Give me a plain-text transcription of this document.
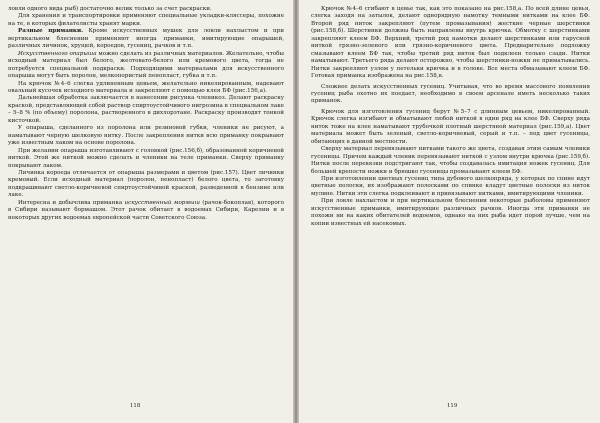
ловли одного вида рыб) достаточно велик только за счет раскраски.

Для хранения и транспортировки применяют специальные укладки-кляссеры, похожие на те, в которых филателисты хранят марки.

Разные приманки. Кроме искусственных мушек для ловли нахлыстом и при вертикальном блеснении применяют иногда приманки, имитирующие опарышей, различных личинок, хрущей, короедов, гусениц, рачков и т.п.

Искусственного опарыша можно сделать из различных материалов. Желательно, чтобы исходный материал был белого, желтовато-белого или кремового цвета, тогда не потребуется специальной подкраски. Подходящими материалами для искусственного опарыша могут быть поролон, мелкопористый пенопласт, губка и т.п.

На крючок №4–6 слегка удлиненным цевьем, желательно никелированным, надевают овальный кусочек исходного материала и закрепляют с помощью клея БФ (рис.156,а).

Дальнейшая обработка заключается в нанесении рисунка членикоз. Делают раскраску краской, представляющей собой раствор спиртоустойчивого нигрозина в специальном лаке – 5–8 % (по объему) поролона, растворенного в дихлорэтане. Раскраску производят тонкой кисточкой.

У опарыша, сделанного из поролона или резиновой губки, членики не рисуют, а наматывают черную шелковую нитку. После закрепления нитки всю приманку покрывают уже известным лаком на основе поролона.

При желании опарыша изготавливают с головкой (рис.156,б), образованной коричневой ниткой. Этой же ниткой можно сделать и членики на теле приманки. Сверху приманку покрывают лаком.

Личинка короеда отличается от опарыша размерами и цветом (рис.157). Цвет личинки кремовый. Если исходный материал (поролон, пенопласт) белого цвета, то заготовку подкрашивают светло-коричневой спиртоустойчивой краской, разведенной в бензине или лаке.

Интересна и добычлива приманка искусственный мормыш (рачок-бокоплав), которого в Сибири называют бормашом. Этот рачок обитает в водоемах Сибири, Карелии и в некоторых других водоемах европейской части Советского Союза.

118

Крючок №4–6 сгибают в цевье так, как это показано на рис.158,а. По всей длине цевья, слегка заходя на затылок, делают однорядную намотку темными нитками на клее БФ. Второй ряд ниток закрепляют (путем промазывания) жесткие черные шерстинки (рис.158,б). Шерстинки должны быть направлены внутрь крючка. Обмотку с шерстинками закрепляют клеем БФ. Верхний, третий ряд намотки делают шерстинками или гарусной ниткой грязно-зеленого или грязно-коричневого цвета. Предварительно подложку смазывают клеем БФ так, чтобы третий ряд ниток был подклеен только сзади. Нитки наматывают. Третьего ряда делают осторожно, чтобы шерстинки-ножки не приматывались. Нитки закрепляют узлом у петельки крючка и в голове. Все места обмазывают клеем БФ. Готовая приманка изображена на рис.158,в.

Сложнее делать искусственных гусениц. Учитывая, что во время массового появления гусениц рыба охотно их поедает, необходимо в своем арсенале иметь несколько таких приманок.

Крючок для изготовления гусениц берут №5–7 с длинным цевьем, никелированный. Крючок слегка изгибают и обматывают любой ниткой в один ряд на клее БФ. Сверху ряда ниток тоже на клее наматывают трубочкой плотный шерстяной материал (рис.159,а). Цвет материала может быть зеленый, светло-коричневый, серый и т.п. – под цвет гусеницы, обитающих в данной местности.

Сверху материал перевязывают нитками такого же цвета, создавая этим самым членики гусеницы. Причем каждый членик перевязывают ниткой с узлом внутри крючка (рис.159,б). Нитки после перевязки подстригают так, чтобы создавалась имитация ножек гусениц. Для большей крепости ножки и брюшко гусеницы промазывают клеем БФ.

При изготовлении цветных гусениц типа дубового шелкопряда, у которых по спине идут цветные полоски, их изображают полосками по спинке кладут цветные полоски из ниток мулине. Нитки эти слегка подклеивают и привязывают нитками, имитирующими членики.

При ловле нахлыстом и при вертикальном блеснении некоторые рыболовы применяют искусственные приманки, имитирующие различных рачков. Иногда эти приманки не похожи ни на каких обитателей водоемов, однако на них рыба идет порой лучше, чем на копии известных ей насекомых.

119
